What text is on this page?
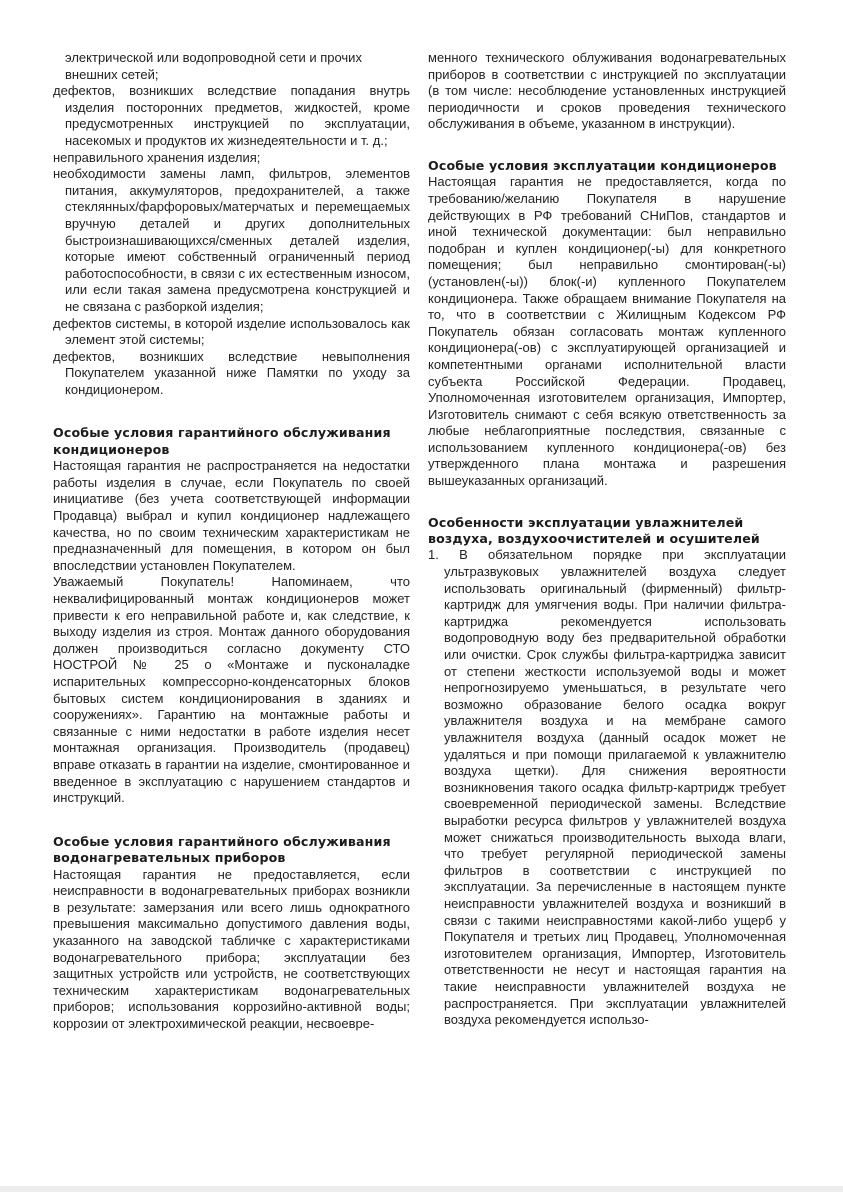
электрической или водопроводной сети и прочих

внешних сетей;

дефектов, возникших вследствие попадания внутрь изделия посторонних предметов, жидкостей, кроме предусмотренных инструкцией по эксплуатации, насекомых и продуктов их жизнедеятельности и т. д.;

неправильного хранения изделия;

необходимости замены ламп, фильтров, элементов питания, аккумуляторов, предохранителей, а также стеклянных/фарфоровых/матерчатых и перемещаемых вручную деталей и других дополнительных быстроизнашивающихся/сменных деталей изделия, которые имеют собственный ограниченный период работоспособности, в связи с их естественным износом, или если такая замена предусмотрена конструкцией и не связана с разборкой изделия;

дефектов системы, в которой изделие использовалось как элемент этой системы;

дефектов, возникших вследствие невыполнения Покупателем указанной ниже Памятки по уходу за кондиционером.

Особые условия гарантийного обслуживания кондиционеров

Настоящая гарантия не распространяется на недостатки работы изделия в случае, если Покупатель по своей инициативе (без учета соответствующей информации Продавца) выбрал и купил кондиционер надлежащего качества, но по своим техническим характеристикам не предназначенный для помещения, в котором он был впоследствии установлен Покупателем.

Уважаемый Покупатель! Напоминаем, что неквалифицированный монтаж кондиционеров может привести к его неправильной работе и, как следствие, к выходу изделия из строя. Монтаж данного оборудования должен производиться согласно документу СТО НОСТРОЙ № 25 о «Монтаже и пусконаладке испарительных компрессорно-конденсаторных блоков бытовых систем кондиционирования в зданиях и сооружениях». Гарантию на монтажные работы и связанные с ними недостатки в работе изделия несет монтажная организация. Производитель (продавец) вправе отказать в гарантии на изделие, смонтированное и введенное в эксплуатацию с нарушением стандартов и инструкций.

Особые условия гарантийного обслуживания водонагревательных приборов

Настоящая гарантия не предоставляется, если неисправности в водонагревательных приборах возникли в результате: замерзания или всего лишь однократного превышения максимально допустимого давления воды, указанного на заводской табличке с характеристиками водонагревательного прибора; эксплуатации без защитных устройств или устройств, не соответствующих техническим характеристикам водонагревательных приборов; использования коррозийно-активной воды; коррозии от электрохимической реакции, несвоевре-

менного технического облуживания водонагревательных приборов в соответствии с инструкцией по эксплуатации (в том числе: несоблюдение установленных инструкцией периодичности и сроков проведения технического обслуживания в объеме, указанном в инструкции).

Особые условия эксплуатации кондиционеров

Настоящая гарантия не предоставляется, когда по требованию/желанию Покупателя в нарушение действующих в РФ требований СНиПов, стандартов и иной технической документации: был неправильно подобран и куплен кондиционер(-ы) для конкретного помещения; был неправильно смонтирован(-ы) (установлен(-ы)) блок(-и) купленного Покупателем кондиционера. Также обращаем внимание Покупателя на то, что в соответствии с Жилищным Кодексом РФ Покупатель обязан согласовать монтаж купленного кондиционера(-ов) с эксплуатирующей организацией и компетентными органами исполнительной власти субъекта Российской Федерации. Продавец, Уполномоченная изготовителем организация, Импортер, Изготовитель снимают с себя всякую ответственность за любые неблагоприятные последствия, связанные с использованием купленного кондиционера(-ов) без утвержденного плана монтажа и разрешения вышеуказанных организаций.

Особенности эксплуатации увлажнителей воздуха, воздухоочистителей и осушителей

1. В обязательном порядке при эксплуатации ультразвуковых увлажнителей воздуха следует использовать оригинальный (фирменный) фильтр-картридж для умягчения воды. При наличии фильтра-картриджа рекомендуется использовать водопроводную воду без предварительной обработки или очистки. Срок службы фильтра-картриджа зависит от степени жесткости используемой воды и может непрогнозируемо уменьшаться, в результате чего возможно образование белого осадка вокруг увлажнителя воздуха и на мембране самого увлажнителя воздуха (данный осадок может не удаляться и при помощи прилагаемой к увлажнителю воздуха щетки). Для снижения вероятности возникновения такого осадка фильтр-картридж требует своевременной периодической замены. Вследствие выработки ресурса фильтров у увлажнителей воздуха может снижаться производительность выхода влаги, что требует регулярной периодической замены фильтров в соответствии с инструкцией по эксплуатации. За перечисленные в настоящем пункте неисправности увлажнителей воздуха и возникший в связи с такими неисправностями какой-либо ущерб у Покупателя и третьих лиц Продавец, Уполномоченная изготовителем организация, Импортер, Изготовитель ответственности не несут и настоящая гарантия на такие неисправности увлажнителей воздуха не распространяется. При эксплуатации увлажнителей воздуха рекомендуется использо-
